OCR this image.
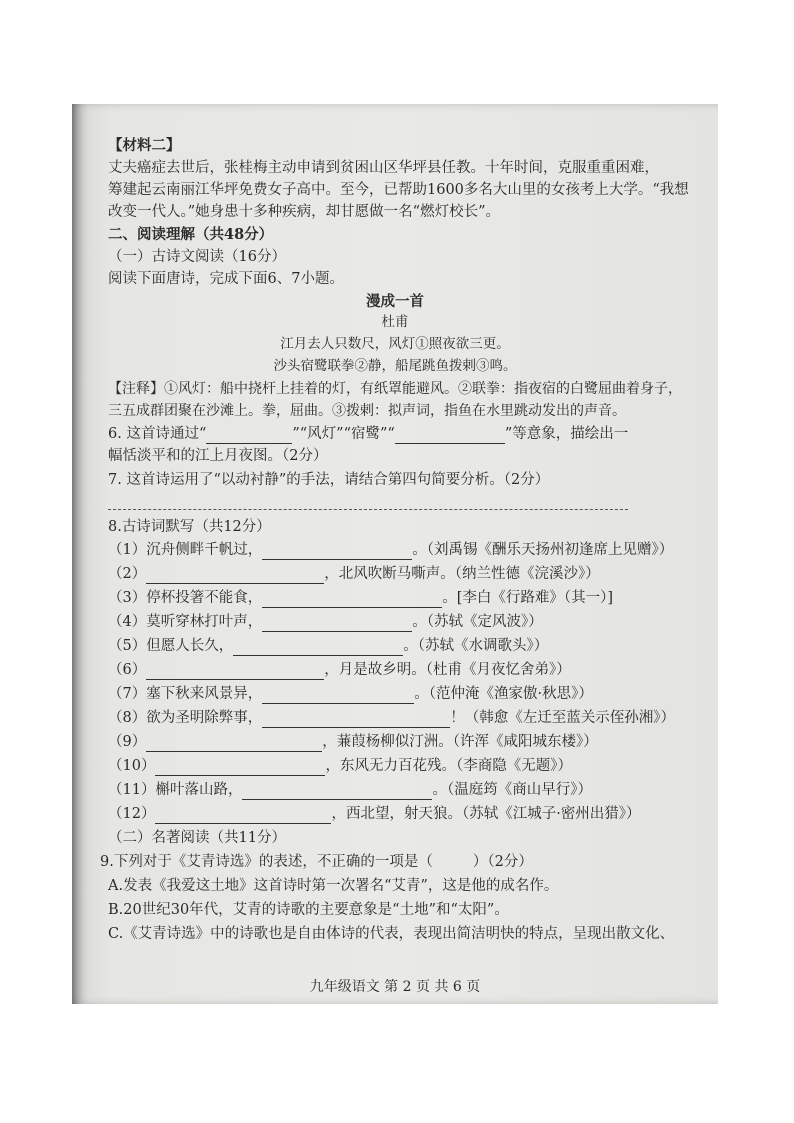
【材料二】
丈夫癌症去世后，张桂梅主动申请到贫困山区华坪县任教。十年时间，克服重重困难，
筹建起云南丽江华坪免费女子高中。至今，已帮助1600多名大山里的女孩考上大学。“我想
改变一代人。”她身患十多种疾病，却甘愿做一名“燃灯校长”。
二、阅读理解（共48分）
（一）古诗文阅读（16分）
阅读下面唐诗，完成下面6、7小题。
漫成一首
杜甫
江月去人只数尺，风灯①照夜欲三更。
沙头宿鹭联拳②静，船尾跳鱼拨剌③鸣。
【注释】①风灯：船中挠杆上挂着的灯，有纸罩能避风。②联拳：指夜宿的白鹭屈曲着身子，
三五成群团聚在沙滩上。拳，屈曲。③拨剌：拟声词，指鱼在水里跳动发出的声音。
6. 这首诗通过“	”“风灯”“宿鹭”“	”等意象，描绘出一
幅恬淡平和的江上月夜图。（2分）
7. 这首诗运用了“以动衬静”的手法，请结合第四句简要分析。（2分）
8.古诗词默写（共12分）
（1）沉舟侧畔千帆过，	。（刘禹锡《酬乐天扬州初逢席上见赠》）
（2）	，北风吹断马嘶声。（纳兰性德《浣溪沙》）
（3）停杯投箸不能食，	。[李白《行路难》（其一）]
（4）莫听穿林打叶声，	。（苏轼《定风波》）
（5）但愿人长久，	。（苏轼《水调歌头》）
（6）	，月是故乡明。（杜甫《月夜忆舍弟》）
（7）塞下秋来风景异，	。（范仲淹《渔家傲·秋思》）
（8）欲为圣明除弊事，	！（韩愈《左迁至蓝关示侄孙湘》）
（9）	，蒹葭杨柳似汀洲。（许浑《咸阳城东楼》）
（10）	，东风无力百花残。（李商隐《无题》）
（11）槲叶落山路，	。（温庭筠《商山早行》）
（12）	，西北望，射天狼。（苏轼《江城子·密州出猎》）
（二）名著阅读（共11分）
9.下列对于《艾青诗选》的表述，不正确的一项是（	）（2分）
A.发表《我爱这土地》这首诗时第一次署名“艾青”，这是他的成名作。
B.20世纪30年代，艾青的诗歌的主要意象是“土地”和“太阳”。
C.《艾青诗选》中的诗歌也是自由体诗的代表，表现出简洁明快的特点，呈现出散文化、
九年级语文 第 2 页 共 6 页
